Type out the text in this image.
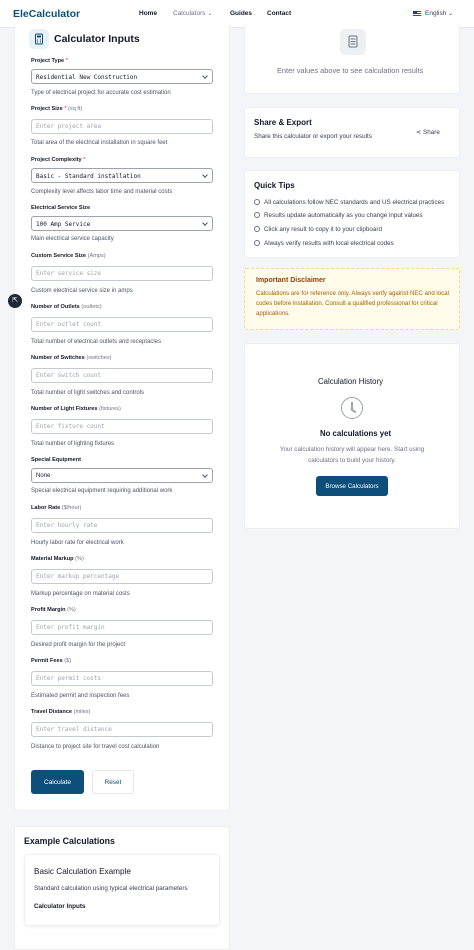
EleCalculator	Home Calculators ⌄	Guides Contact	English ⌄
Calculator Inputs
Project Type *
Residential New Construction
Type of electrical project for accurate cost estimation
Project Size * (sq ft)
Enter project area
Total area of the electrical installation in square feet
Project Complexity *
Basic - Standard installation
Complexity level affects labor time and material costs
Electrical Service Size
100 Amp Service
Main electrical service capacity
Custom Service Size (Amps)
Enter service size
Custom electrical service size in amps
Number of Outlets (outlets)
Enter outlet count
Total number of electrical outlets and receptacles
Number of Switches (switches)
Enter switch count
Total number of light switches and controls
Number of Light Fixtures (fixtures)
Enter fixture count
Total number of lighting fixtures
Special Equipment
None
Special electrical equipment requiring additional work
Labor Rate ($/hour)
Enter hourly rate
Hourly labor rate for electrical work
Material Markup (%)
Enter markup percentage
Markup percentage on material costs
Profit Margin (%)
Enter profit margin
Desired profit margin for the project
Permit Fees ($)
Enter permit costs
Estimated permit and inspection fees
Travel Distance (miles)
Enter travel distance
Distance to project site for travel cost calculation
Calculate	Reset
⇱
Enter values above to see calculation results
Share & Export
Share this calculator or export your results
⋖ Share
Quick Tips
All calculations follow NEC standards and US electrical practices
Results update automatically as you change input values
Click any result to copy it to your clipboard
Always verify results with local electrical codes
Important Disclaimer
Calculations are for reference only. Always verify against NEC and local codes before installation. Consult a qualified professional for critical applications.
Calculation History
No calculations yet
Your calculation history will appear here. Start using calculators to build your history.
Browse Calculators
Example Calculations
Basic Calculation Example
Standard calculation using typical electrical parameters
Calculator Inputs
